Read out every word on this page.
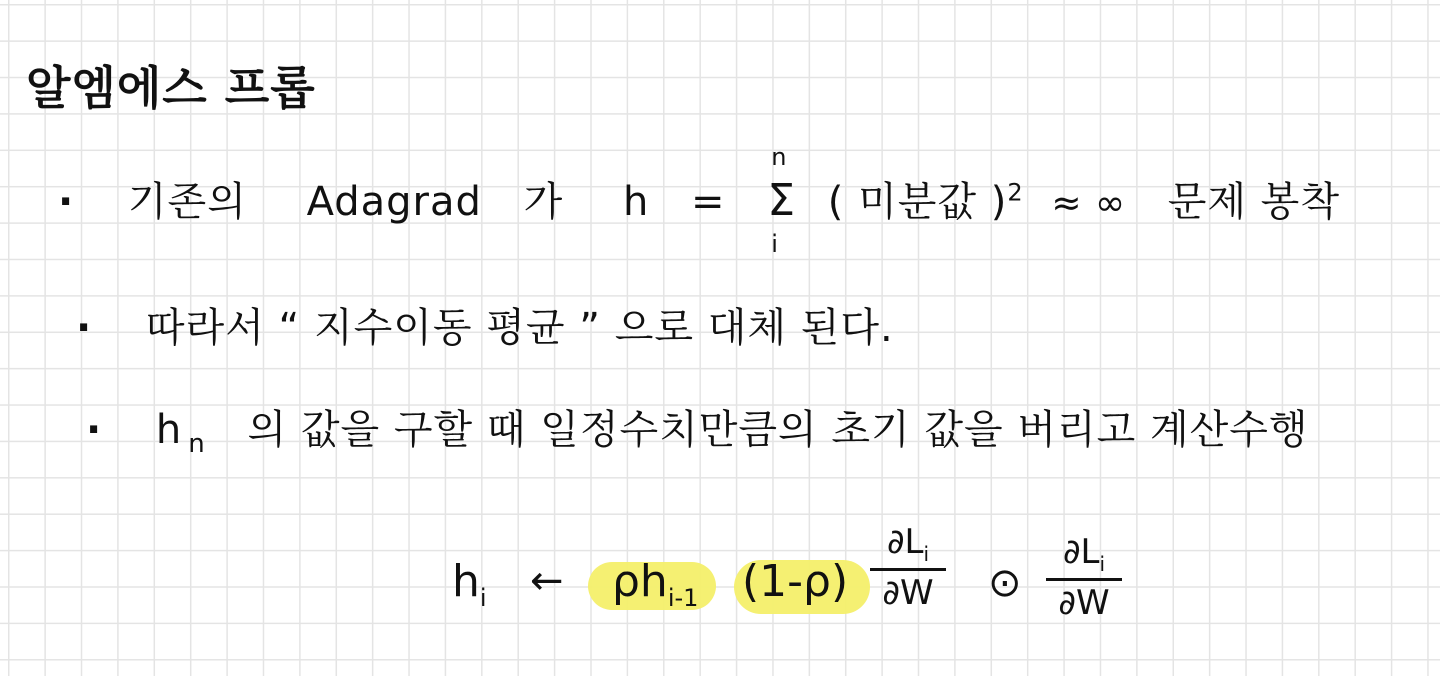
알엠에스 프롭
· 기존의 Adagrad 가 h = Σ
n
i
( 미분값 )$^2$ ≈ ∞ 문제 봉착
· 따라서 “ 지수이동 평균 ” 으로 대체 된다.
· h $_n$ 의 값을 구할 때 일정수치만큼의 초기 값을 버리고 계산수행
$h_i$ ← $\rho h_{i-1}$ (1-ρ)
$\partial L_i$
∂W ⊙
$\partial L_i$
∂W
